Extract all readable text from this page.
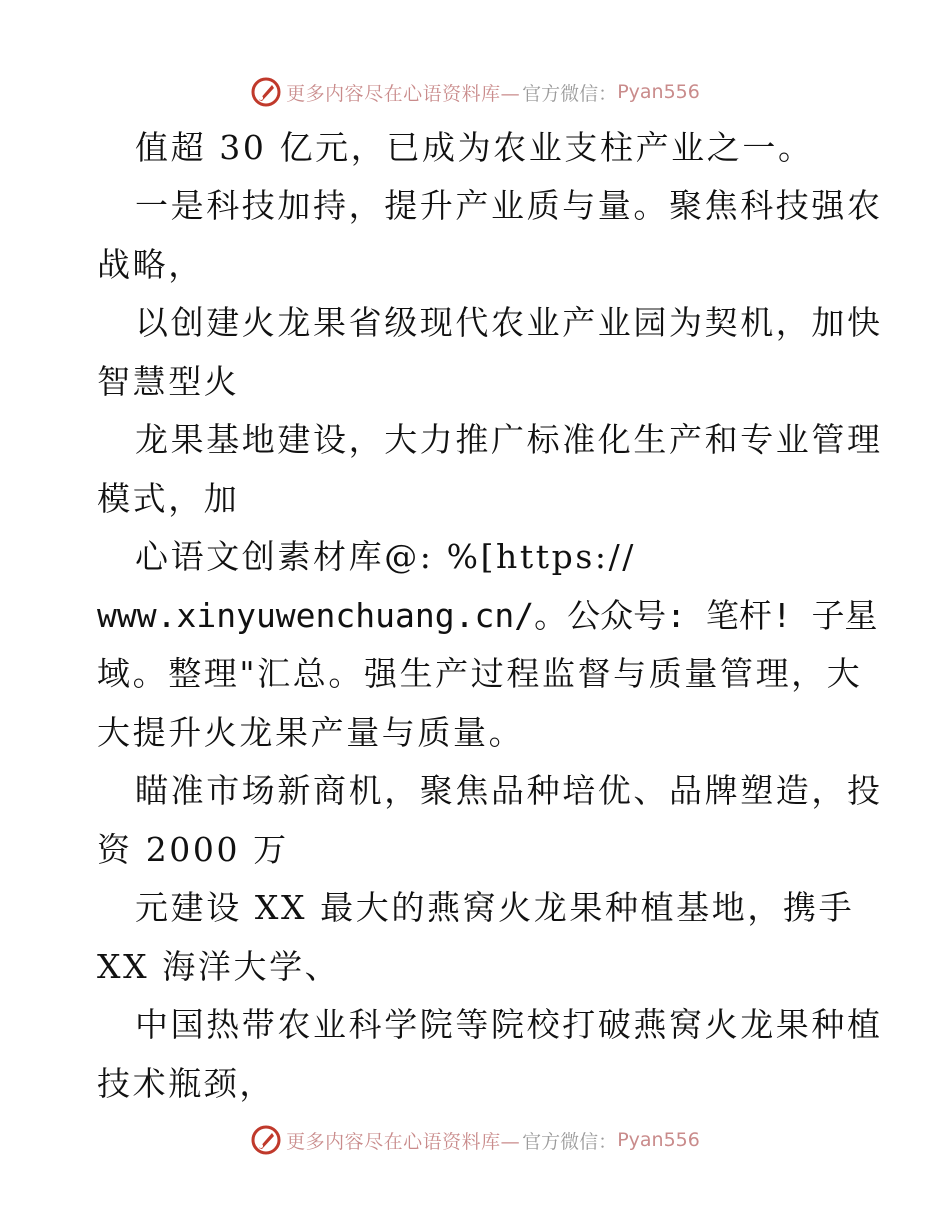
更多内容尽在心语资料库— 官方微信： Pyan556
值超 30 亿元，已成为农业支柱产业之一。
一是科技加持，提升产业质与量。聚焦科技强农
战略，
以创建火龙果省级现代农业产业园为契机，加快
智慧型火
龙果基地建设，大力推广标准化生产和专业管理
模式，加
心语文创素材库@: %[https://
www.xinyuwenchuang.cn/。公众号: 笔杆! 子星
域。整理"汇总。强生产过程监督与质量管理，大
大提升火龙果产量与质量。
瞄准市场新商机，聚焦品种培优、品牌塑造，投
资 2000 万
元建设 XX 最大的燕窝火龙果种植基地，携手
XX 海洋大学、
中国热带农业科学院等院校打破燕窝火龙果种植
技术瓶颈，
更多内容尽在心语资料库— 官方微信： Pyan556
